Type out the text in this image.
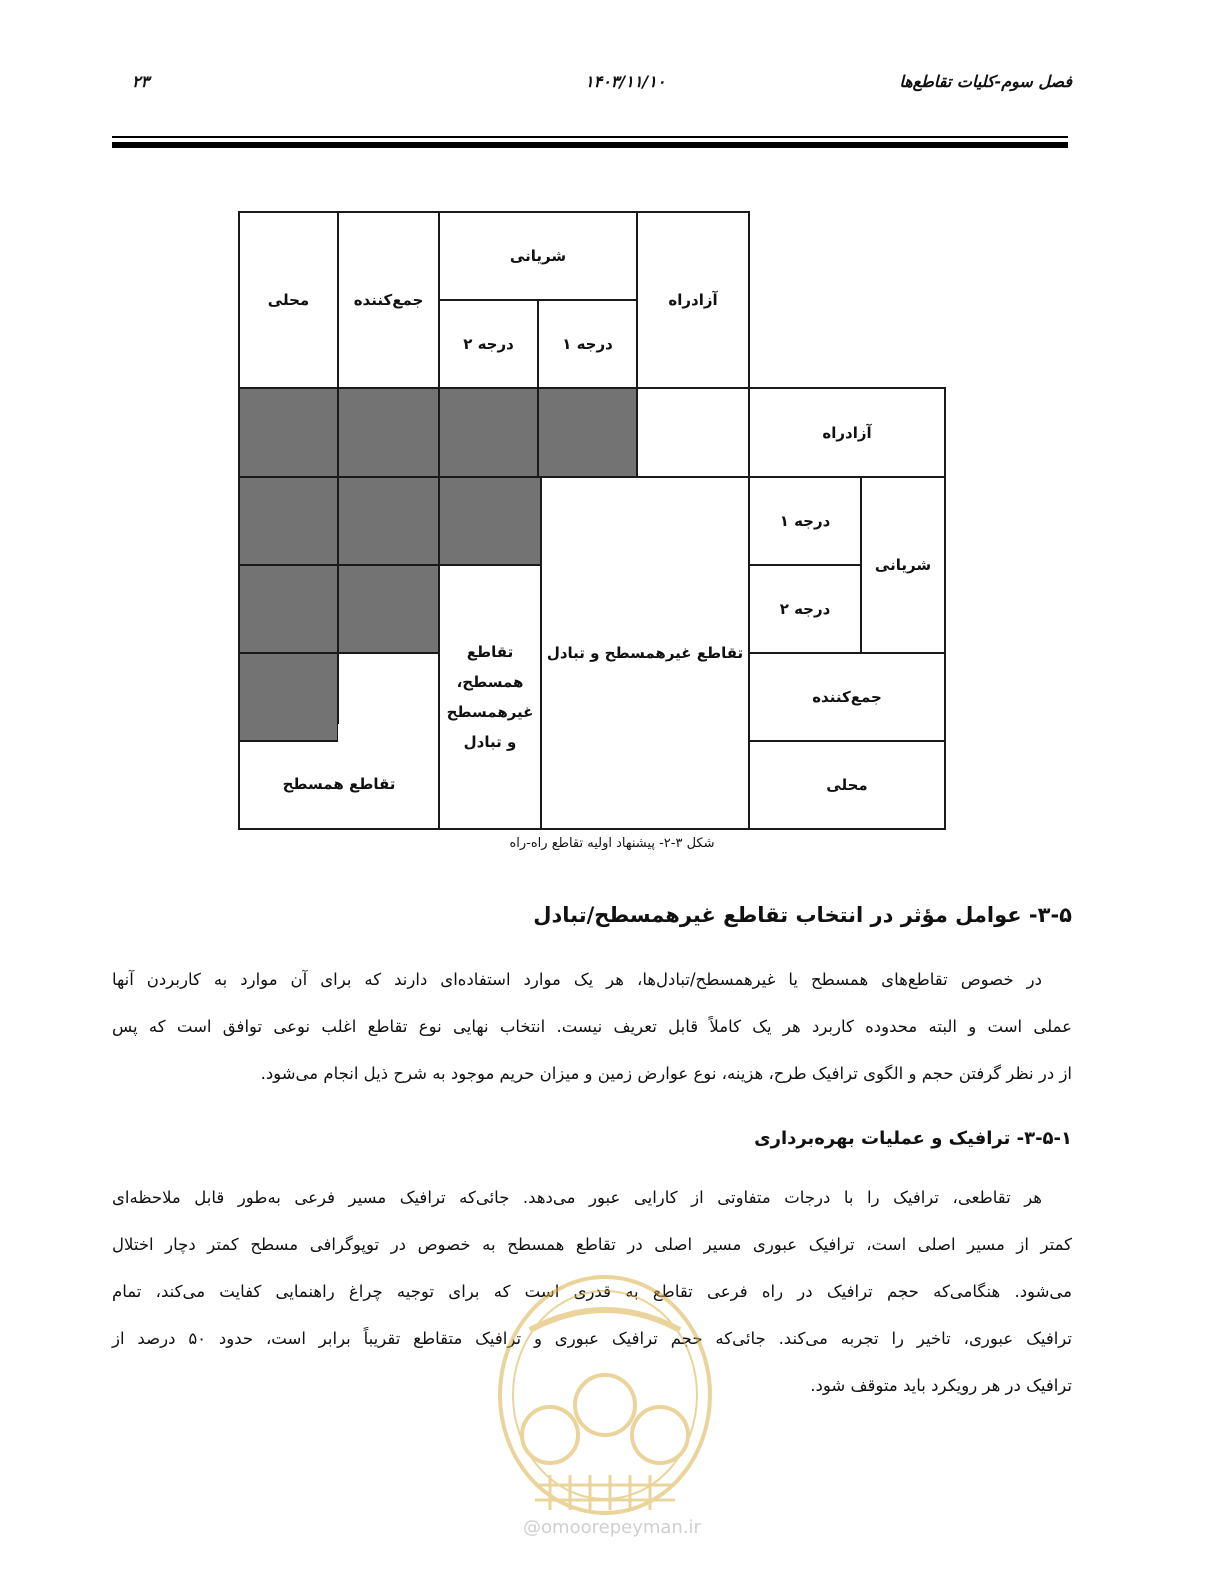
فصل سوم-کلیات تقاطع‌ها
۱۴۰۳/۱۱/۱۰
۲۳
محلی	جمع‌کننده
شریانی
درجه ۲	درجه ۱
آزادراه
آزادراه
درجه ۱
شریانی
درجه ۲
جمع‌کننده
محلی
تقاطع غیرهمسطح و تبادل
تقاطع
همسطح،
غیرهمسطح
و تبادل
تقاطع همسطح
شکل ۳-۲- پیشنهاد اولیه تقاطع راه-راه
۳-۵- عوامل مؤثر در انتخاب تقاطع غیرهمسطح/تبادل
در خصوص تقاطع‌های همسطح یا غیرهمسطح/تبادل‌ها، هر یک موارد استفاده‌ای دارند که برای آن موارد به کاربردن آنها
عملی است و البته محدوده کاربرد هر یک کاملاً قابل تعریف نیست. انتخاب نهایی نوع تقاطع اغلب نوعی توافق است که پس
از در نظر گرفتن حجم و الگوی ترافیک طرح، هزینه، نوع عوارض زمین و میزان حریم موجود به شرح ذیل انجام می‌شود.
۳-۵-۱- ترافیک و عملیات بهره‌برداری
هر تقاطعی، ترافیک را با درجات متفاوتی از کارایی عبور می‌دهد. جائی‌که ترافیک مسیر فرعی به‌طور قابل ملاحظه‌ای
کمتر از مسیر اصلی است، ترافیک عبوری مسیر اصلی در تقاطع همسطح به خصوص در توپوگرافی مسطح کمتر دچار اختلال
می‌شود. هنگامی‌که حجم ترافیک در راه فرعی تقاطع به قدری است که برای توجیه چراغ راهنمایی کفایت می‌کند، تمام
ترافیک عبوری، تاخیر را تجربه می‌کند. جائی‌که حجم ترافیک عبوری و ترافیک متقاطع تقریباً برابر است، حدود ۵۰ درصد از
ترافیک در هر رویکرد باید متوقف شود.
@omoorepeyman.ir
